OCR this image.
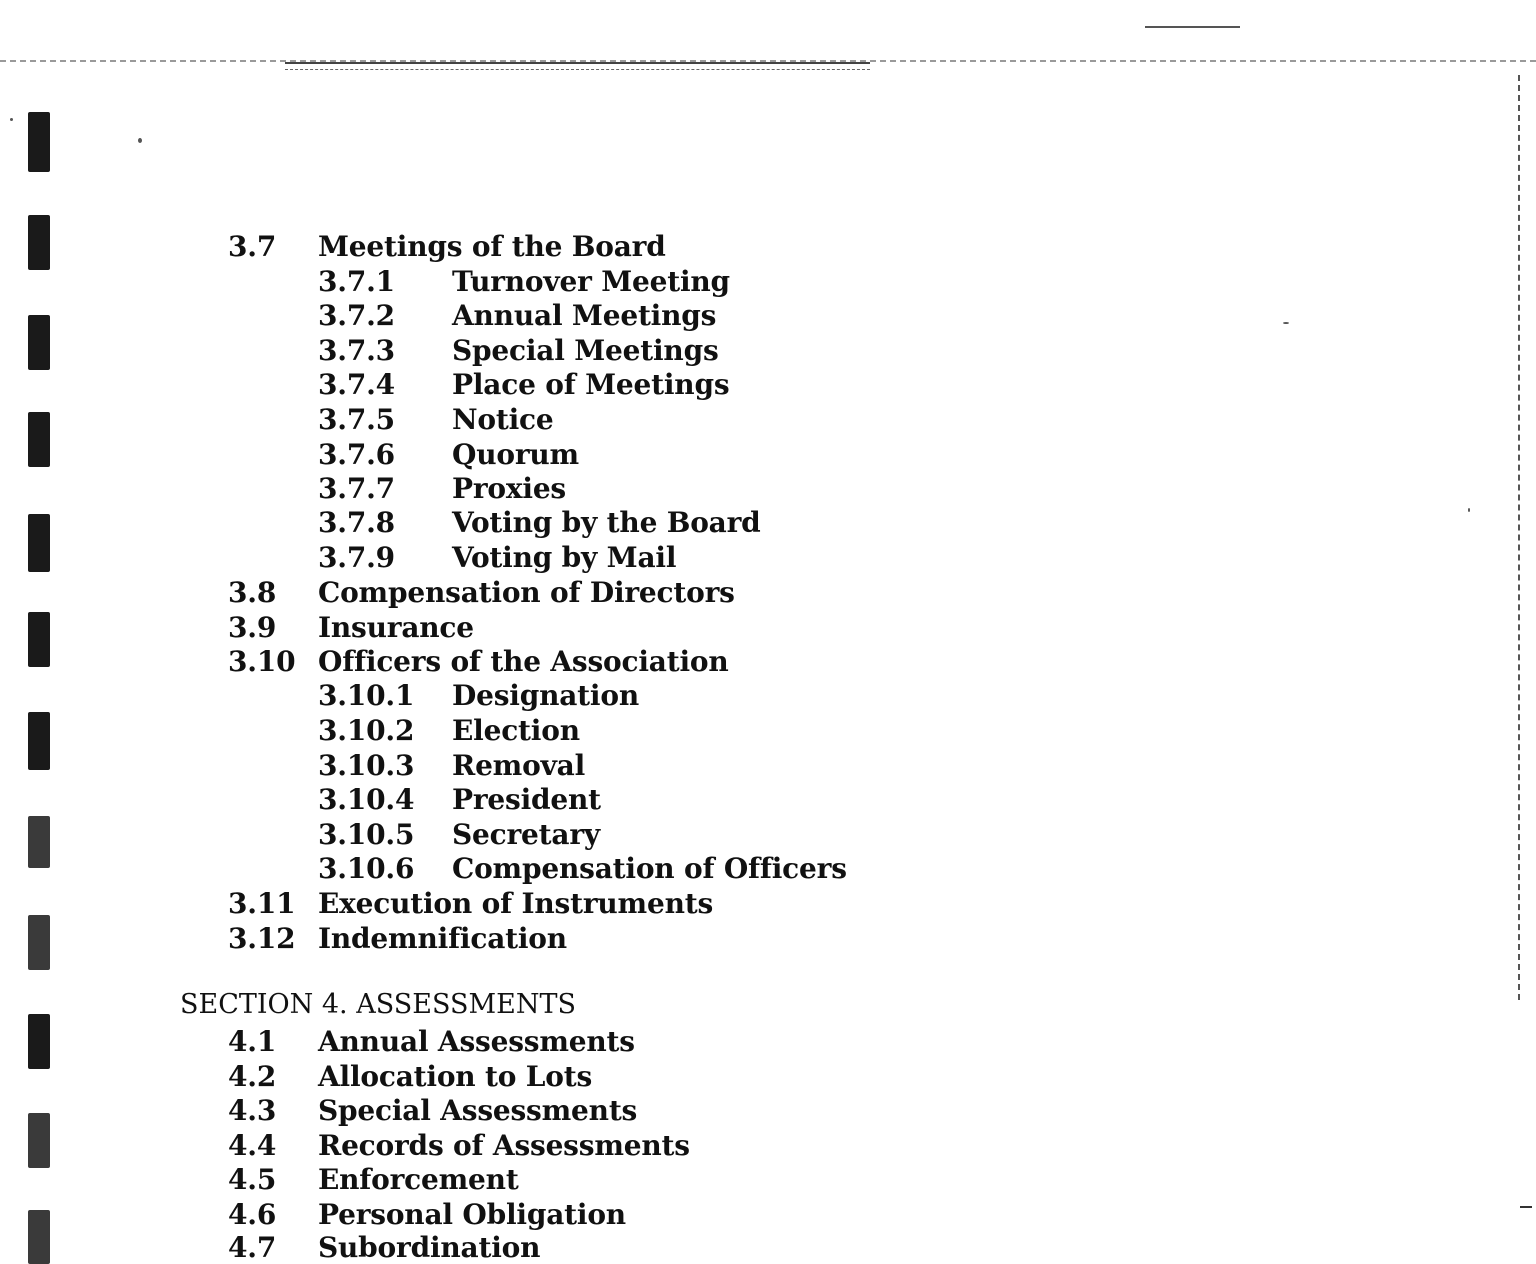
3.7 Meetings of the Board
3.7.1 Turnover Meeting
3.7.2 Annual Meetings
3.7.3 Special Meetings
3.7.4 Place of Meetings
3.7.5 Notice
3.7.6 Quorum
3.7.7 Proxies
3.7.8 Voting by the Board
3.7.9 Voting by Mail
3.8 Compensation of Directors
3.9 Insurance
3.10 Officers of the Association
3.10.1 Designation
3.10.2 Election
3.10.3 Removal
3.10.4 President
3.10.5 Secretary
3.10.6 Compensation of Officers
3.11 Execution of Instruments
3.12 Indemnification
SECTION 4. ASSESSMENTS
4.1 Annual Assessments
4.2 Allocation to Lots
4.3 Special Assessments
4.4 Records of Assessments
4.5 Enforcement
4.6 Personal Obligation
4.7 Subordination
